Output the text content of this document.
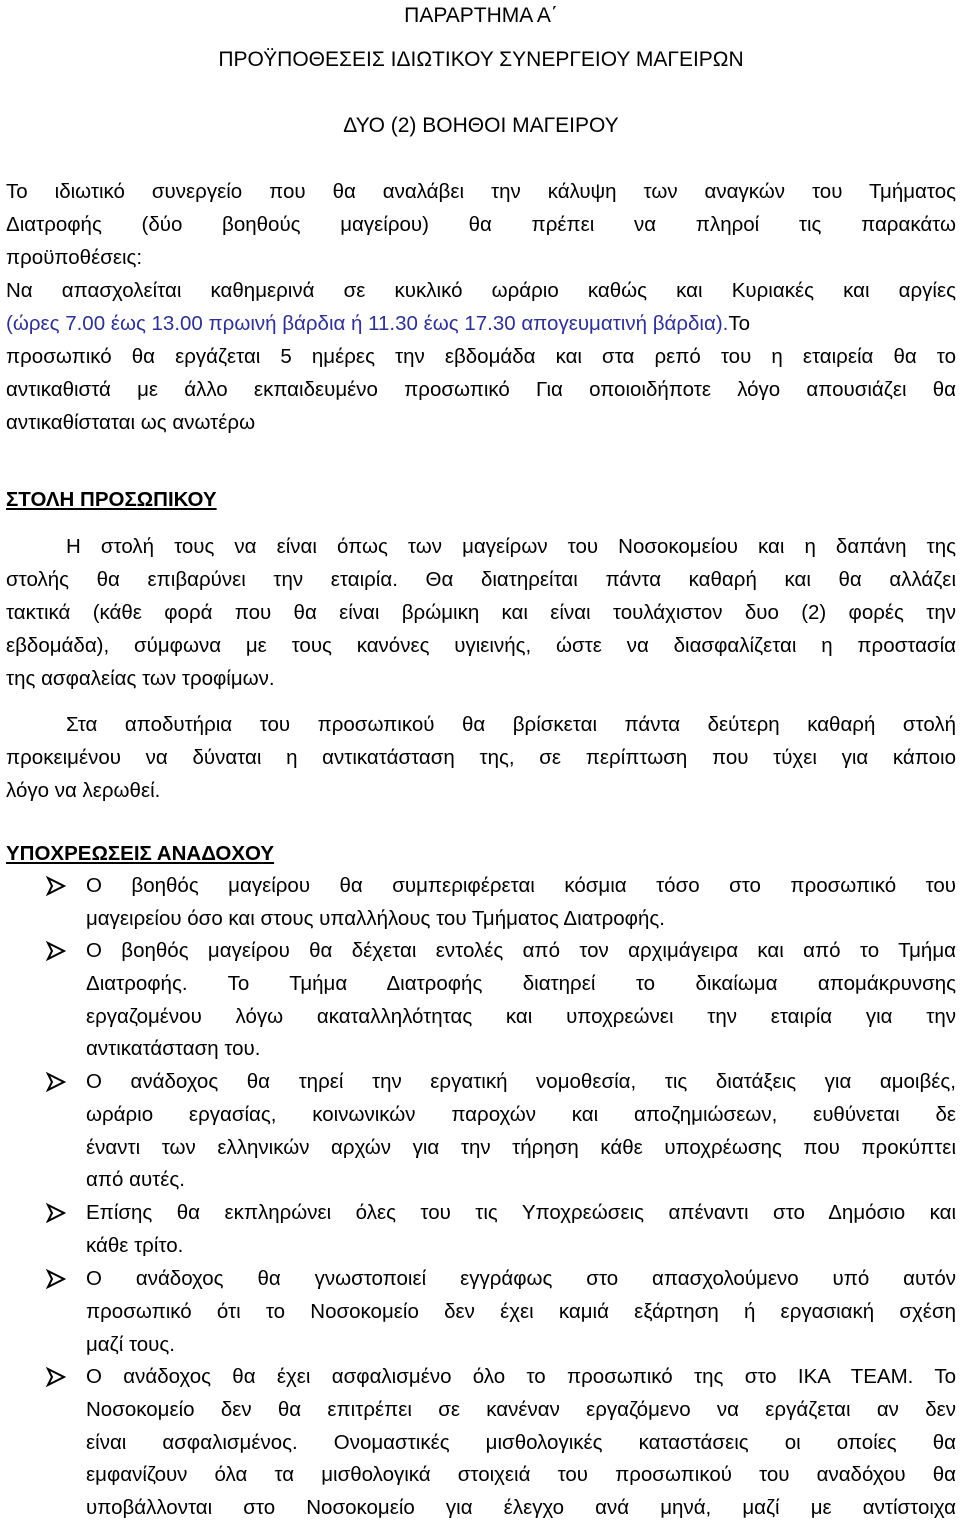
ΠΑΡΑΡΤΗΜΑ Α΄
ΠΡΟΫΠΟΘΕΣΕΙΣ ΙΔΙΩΤΙΚΟΥ ΣΥΝΕΡΓΕΙΟΥ ΜΑΓΕΙΡΩΝ
ΔΥΟ (2) ΒΟΗΘΟΙ ΜΑΓΕΙΡΟΥ
Το ιδιωτικό συνεργείο που θα αναλάβει την κάλυψη των αναγκών του Τμήματος
Διατροφής (δύο βοηθούς μαγείρου) θα πρέπει να πληροί τις παρακάτω
προϋποθέσεις:
Να απασχολείται καθημερινά σε κυκλικό ωράριο καθώς και Κυριακές και αργίες
(ώρες 7.00 έως 13.00 πρωινή βάρδια ή 11.30 έως 17.30 απογευματινή βάρδια).Το
προσωπικό θα εργάζεται 5 ημέρες την εβδομάδα και στα ρεπό του η εταιρεία θα το
αντικαθιστά με άλλο εκπαιδευμένο προσωπικό Για οποιοιδήποτε λόγο απουσιάζει θα
αντικαθίσταται ως ανωτέρω
ΣΤΟΛΗ ΠΡΟΣΩΠΙΚΟΥ
Η στολή τους να είναι όπως των μαγείρων του Νοσοκομείου και η δαπάνη της
στολής θα επιβαρύνει την εταιρία. Θα διατηρείται πάντα καθαρή και θα αλλάζει
τακτικά (κάθε φορά που θα είναι βρώμικη και είναι τουλάχιστον δυο (2) φορές την
εβδομάδα), σύμφωνα με τους κανόνες υγιεινής, ώστε να διασφαλίζεται η προστασία
της ασφαλείας των τροφίμων.
Στα αποδυτήρια του προσωπικού θα βρίσκεται πάντα δεύτερη καθαρή στολή
προκειμένου να δύναται η αντικατάσταση της, σε περίπτωση που τύχει για κάποιο
λόγο να λερωθεί.
ΥΠΟΧΡΕΩΣΕΙΣ ΑΝΑΔΟΧΟΥ
Ο βοηθός μαγείρου θα συμπεριφέρεται κόσμια τόσο στο προσωπικό του
μαγειρείου όσο και στους υπαλλήλους του Τμήματος Διατροφής.
Ο βοηθός μαγείρου θα δέχεται εντολές από τον αρχιμάγειρα και από το Τμήμα
Διατροφής. Το Τμήμα Διατροφής διατηρεί το δικαίωμα απομάκρυνσης
εργαζομένου λόγω ακαταλληλότητας και υποχρεώνει την εταιρία για την
αντικατάσταση του.
Ο ανάδοχος θα τηρεί την εργατική νομοθεσία, τις διατάξεις για αμοιβές,
ωράριο εργασίας, κοινωνικών παροχών και αποζημιώσεων, ευθύνεται δε
έναντι των ελληνικών αρχών για την τήρηση κάθε υποχρέωσης που προκύπτει
από αυτές.
Επίσης θα εκπληρώνει όλες του τις Υποχρεώσεις απέναντι στο Δημόσιο και
κάθε τρίτο.
Ο ανάδοχος θα γνωστοποιεί εγγράφως στο απασχολούμενο υπό αυτόν
προσωπικό ότι το Νοσοκομείο δεν έχει καμιά εξάρτηση ή εργασιακή σχέση
μαζί τους.
Ο ανάδοχος θα έχει ασφαλισμένο όλο το προσωπικό της στο ΙΚΑ ΤΕΑΜ. Το
Νοσοκομείο δεν θα επιτρέπει σε κανέναν εργαζόμενο να εργάζεται αν δεν
είναι ασφαλισμένος. Ονομαστικές μισθολογικές καταστάσεις οι οποίες θα
εμφανίζουν όλα τα μισθολογικά στοιχειά του προσωπικού του αναδόχου θα
υποβάλλονται στο Νοσοκομείο για έλεγχο ανά μηνά, μαζί με αντίστοιχα
